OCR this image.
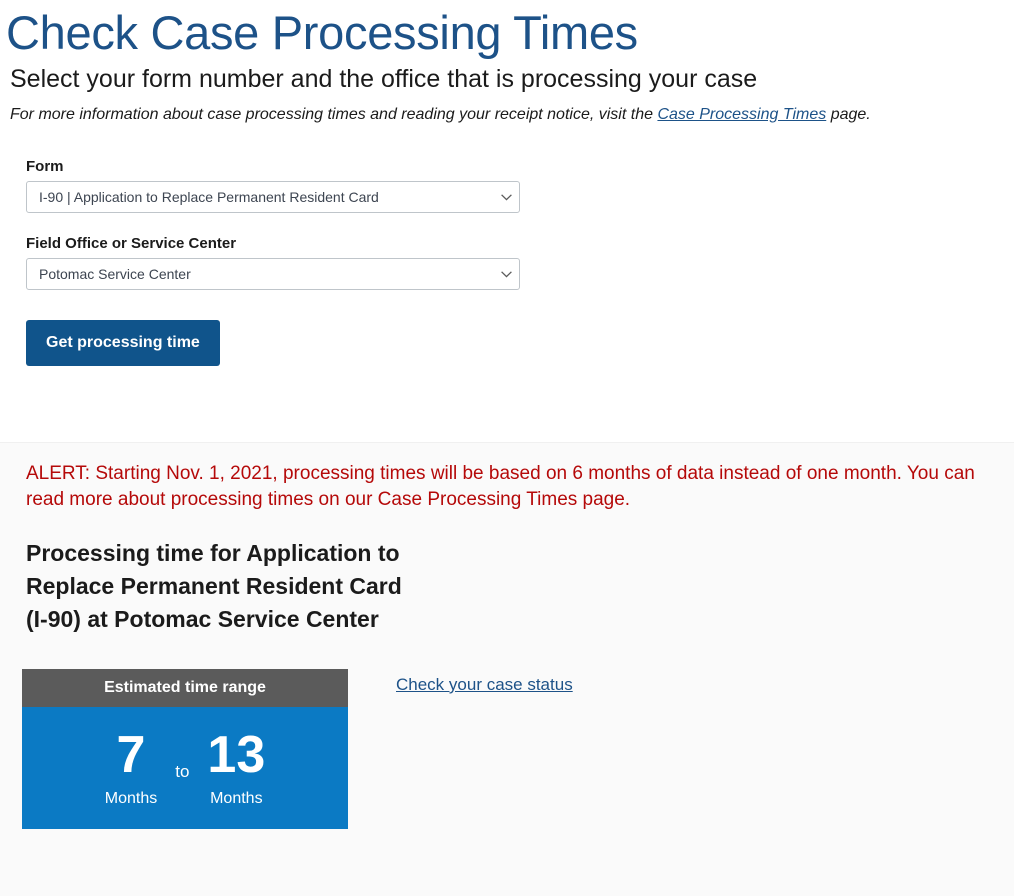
Check Case Processing Times
Select your form number and the office that is processing your case
For more information about case processing times and reading your receipt notice, visit the Case Processing Times page.
Form
I-90 | Application to Replace Permanent Resident Card
Field Office or Service Center
Potomac Service Center
Get processing time
ALERT: Starting Nov. 1, 2021, processing times will be based on 6 months of data instead of one month. You can read more about processing times on our Case Processing Times page.
Processing time for Application to Replace Permanent Resident Card (I-90) at Potomac Service Center
Estimated time range
7
Months
to 13
Months
Check your case status
